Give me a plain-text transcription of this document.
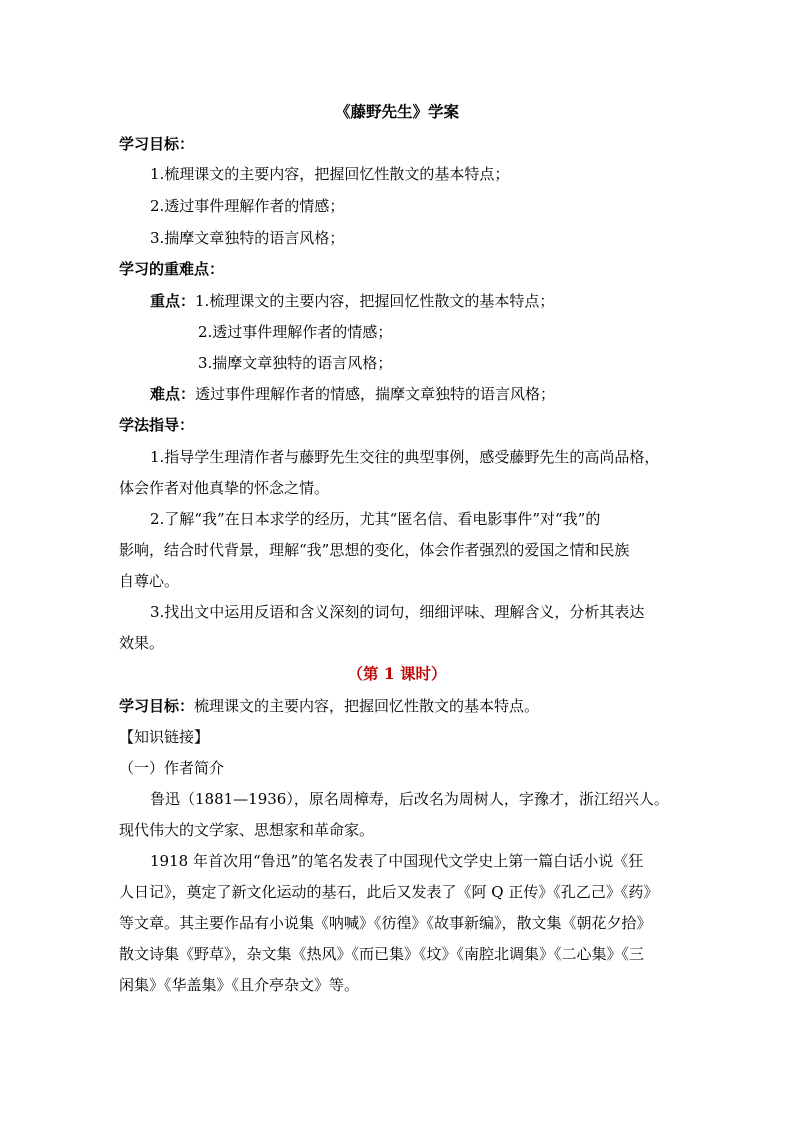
《藤野先生》学案
学习目标：
1.梳理课文的主要内容，把握回忆性散文的基本特点；
2.透过事件理解作者的情感；
3.揣摩文章独特的语言风格；
学习的重难点：
重点：1.梳理课文的主要内容，把握回忆性散文的基本特点；
2.透过事件理解作者的情感；
3.揣摩文章独特的语言风格；
难点：透过事件理解作者的情感，揣摩文章独特的语言风格；
学法指导：
1.指导学生理清作者与藤野先生交往的典型事例，感受藤野先生的高尚品格，
体会作者对他真挚的怀念之情。
2.了解“我”在日本求学的经历，尤其“匿名信、看电影事件”对“我”的
影响，结合时代背景，理解“我”思想的变化，体会作者强烈的爱国之情和民族
自尊心。
3.找出文中运用反语和含义深刻的词句，细细评味、理解含义，分析其表达
效果。
（第 1 课时）
学习目标：梳理课文的主要内容，把握回忆性散文的基本特点。
【知识链接】
（一）作者简介
鲁迅（1881—1936），原名周樟寿，后改名为周树人，字豫才，浙江绍兴人。
现代伟大的文学家、思想家和革命家。
1918 年首次用“鲁迅”的笔名发表了中国现代文学史上第一篇白话小说《狂
人日记》，奠定了新文化运动的基石，此后又发表了《阿 Q 正传》《孔乙己》《药》
等文章。其主要作品有小说集《呐喊》《彷徨》《故事新编》，散文集《朝花夕拾》
散文诗集《野草》，杂文集《热风》《而已集》《坟》《南腔北调集》《二心集》《三
闲集》《华盖集》《且介亭杂文》等。
